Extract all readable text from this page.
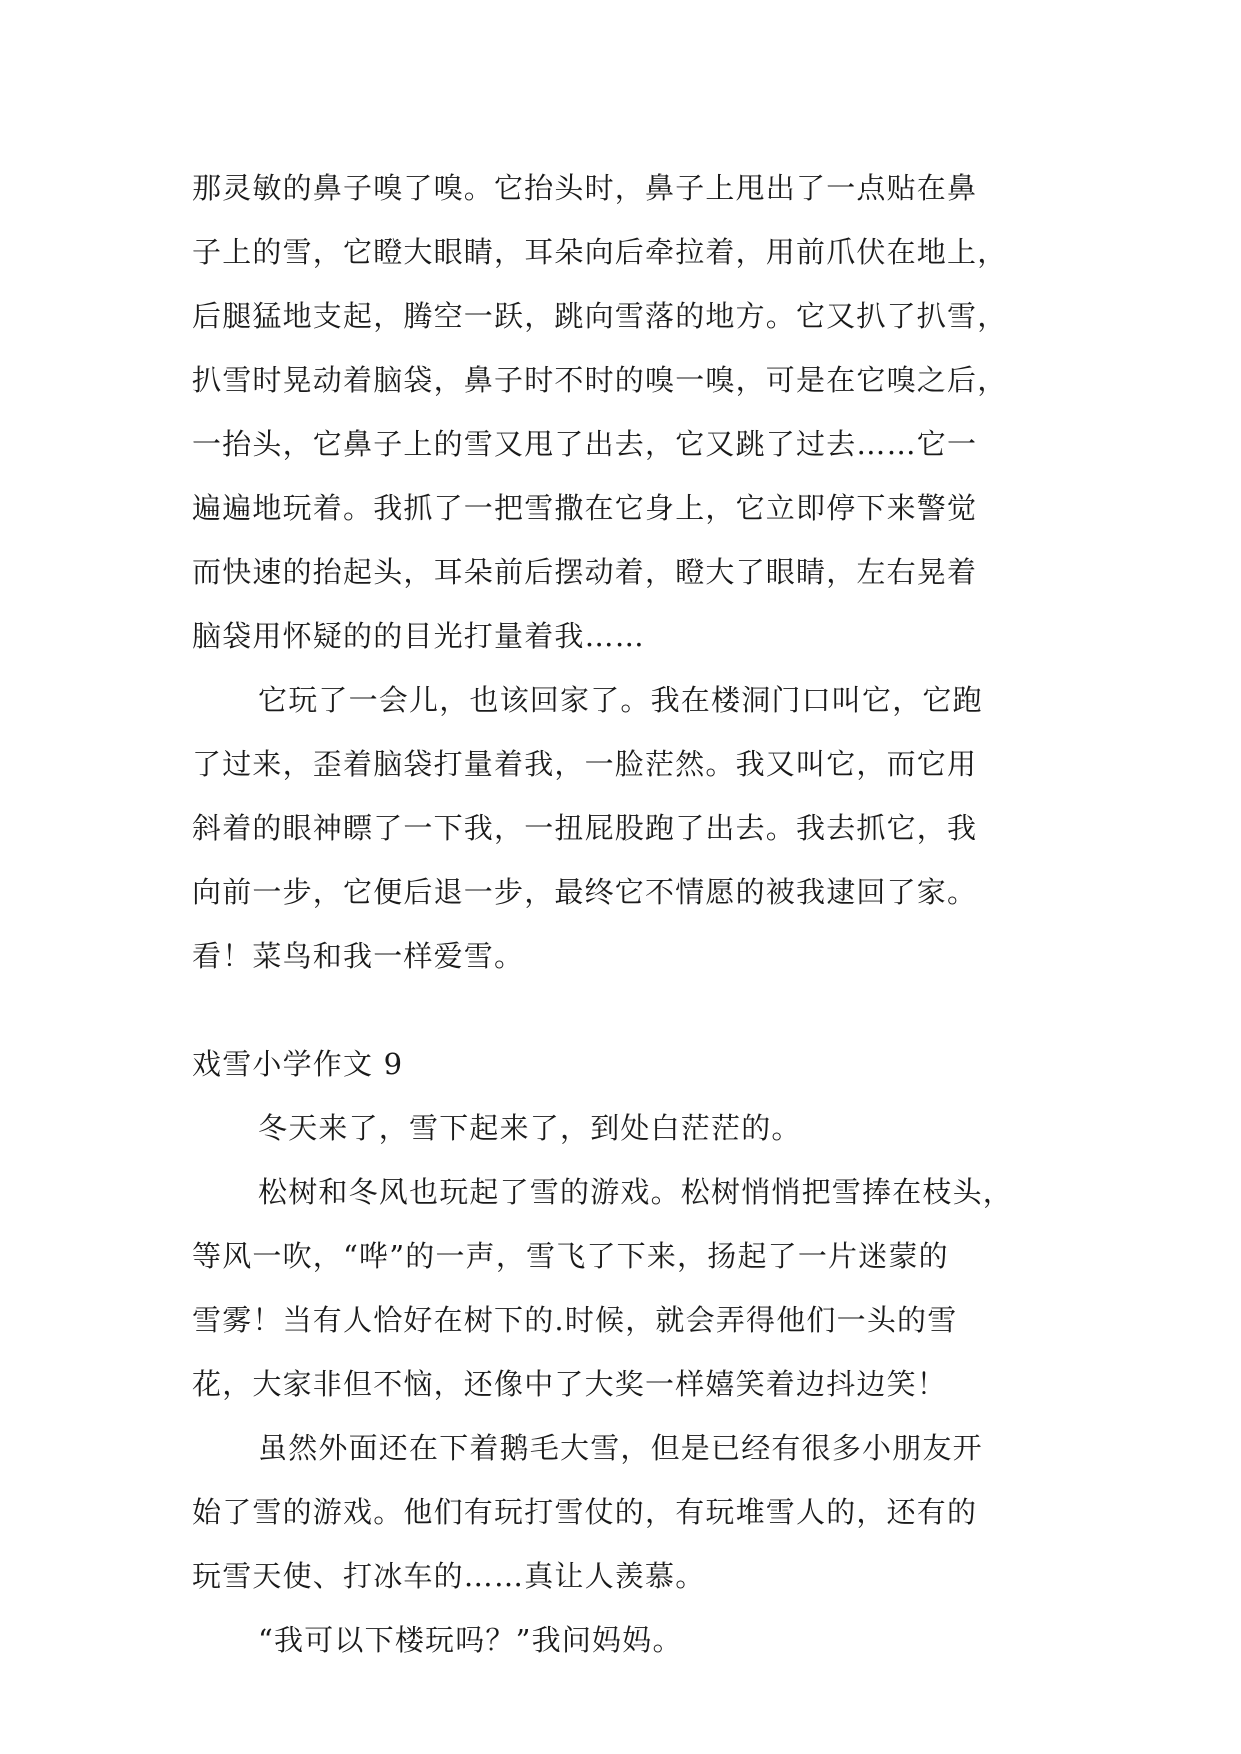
那灵敏的鼻子嗅了嗅。它抬头时，鼻子上甩出了一点贴在鼻
子上的雪，它瞪大眼睛，耳朵向后牵拉着，用前爪伏在地上，
后腿猛地支起，腾空一跃，跳向雪落的地方。它又扒了扒雪，
扒雪时晃动着脑袋，鼻子时不时的嗅一嗅，可是在它嗅之后，
一抬头，它鼻子上的雪又甩了出去，它又跳了过去……它一
遍遍地玩着。我抓了一把雪撒在它身上，它立即停下来警觉
而快速的抬起头，耳朵前后摆动着，瞪大了眼睛，左右晃着
脑袋用怀疑的的目光打量着我……
它玩了一会儿，也该回家了。我在楼洞门口叫它，它跑
了过来，歪着脑袋打量着我，一脸茫然。我又叫它，而它用
斜着的眼神瞟了一下我，一扭屁股跑了出去。我去抓它，我
向前一步，它便后退一步，最终它不情愿的被我逮回了家。
看！菜鸟和我一样爱雪。
戏雪小学作文 9
冬天来了，雪下起来了，到处白茫茫的。
松树和冬风也玩起了雪的游戏。松树悄悄把雪捧在枝头，
等风一吹，“哗”的一声，雪飞了下来，扬起了一片迷蒙的
雪雾！当有人恰好在树下的.时候，就会弄得他们一头的雪
花，大家非但不恼，还像中了大奖一样嬉笑着边抖边笑！
虽然外面还在下着鹅毛大雪，但是已经有很多小朋友开
始了雪的游戏。他们有玩打雪仗的，有玩堆雪人的，还有的
玩雪天使、打冰车的……真让人羡慕。
“我可以下楼玩吗？”我问妈妈。
